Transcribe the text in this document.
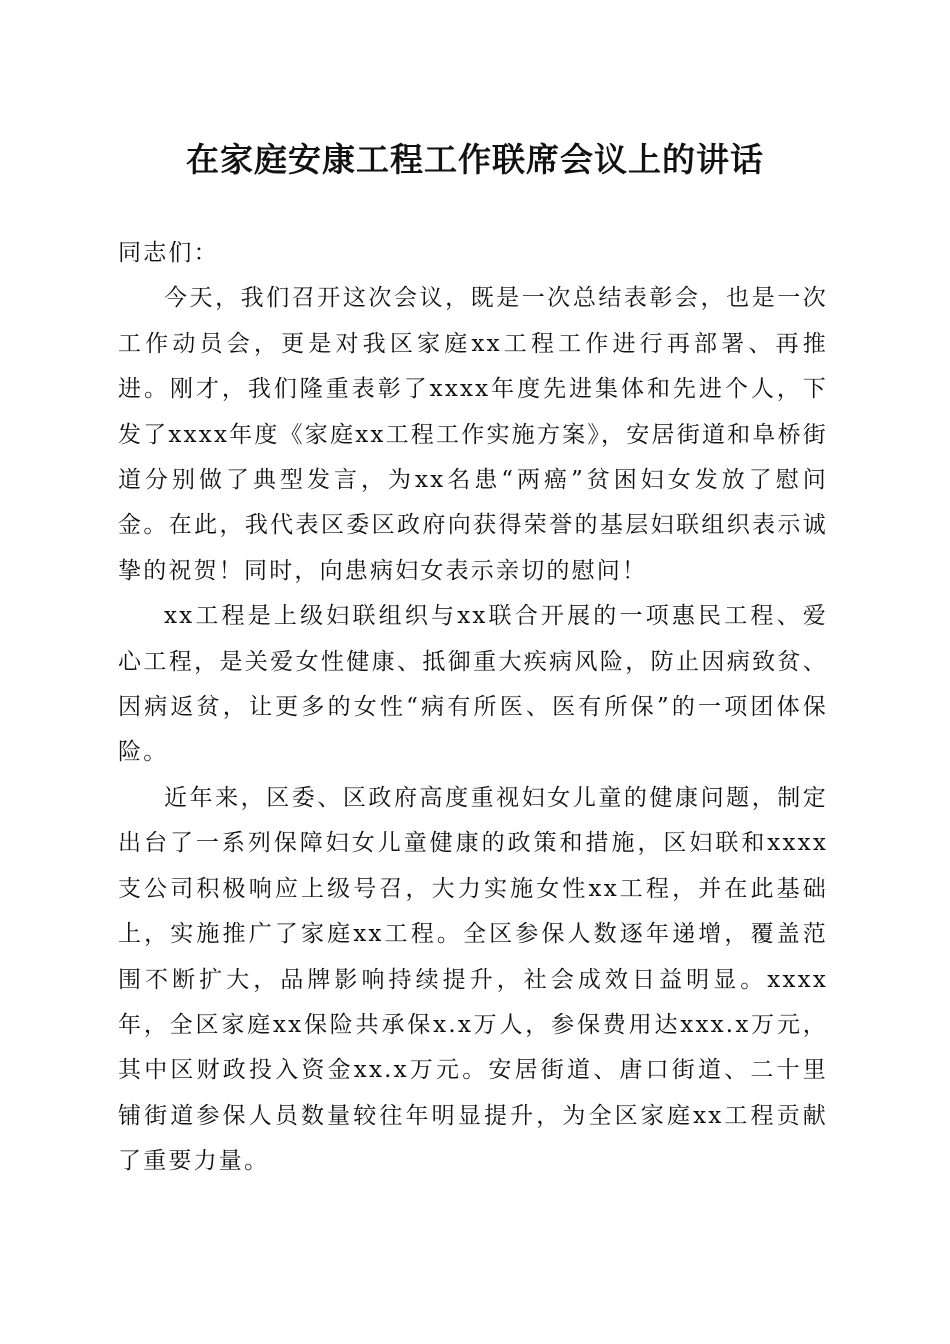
在家庭安康工程工作联席会议上的讲话

同志们：

今天，我们召开这次会议，既是一次总结表彰会，也是一次工作动员会，更是对我区家庭xx工程工作进行再部署、再推进。刚才，我们隆重表彰了xxxx年度先进集体和先进个人，下发了xxxx年度《家庭xx工程工作实施方案》，安居街道和阜桥街道分别做了典型发言，为xx名患“两癌”贫困妇女发放了慰问金。在此，我代表区委区政府向获得荣誉的基层妇联组织表示诚挚的祝贺！同时，向患病妇女表示亲切的慰问！

xx工程是上级妇联组织与xx联合开展的一项惠民工程、爱心工程，是关爱女性健康、抵御重大疾病风险，防止因病致贫、因病返贫，让更多的女性“病有所医、医有所保”的一项团体保险。

近年来，区委、区政府高度重视妇女儿童的健康问题，制定出台了一系列保障妇女儿童健康的政策和措施，区妇联和xxxx支公司积极响应上级号召，大力实施女性xx工程，并在此基础上，实施推广了家庭xx工程。全区参保人数逐年递增，覆盖范围不断扩大，品牌影响持续提升，社会成效日益明显。xxxx年，全区家庭xx保险共承保x.x万人，参保费用达xxx.x万元，其中区财政投入资金xx.x万元。安居街道、唐口街道、二十里铺街道参保人员数量较往年明显提升，为全区家庭xx工程贡献了重要力量。
